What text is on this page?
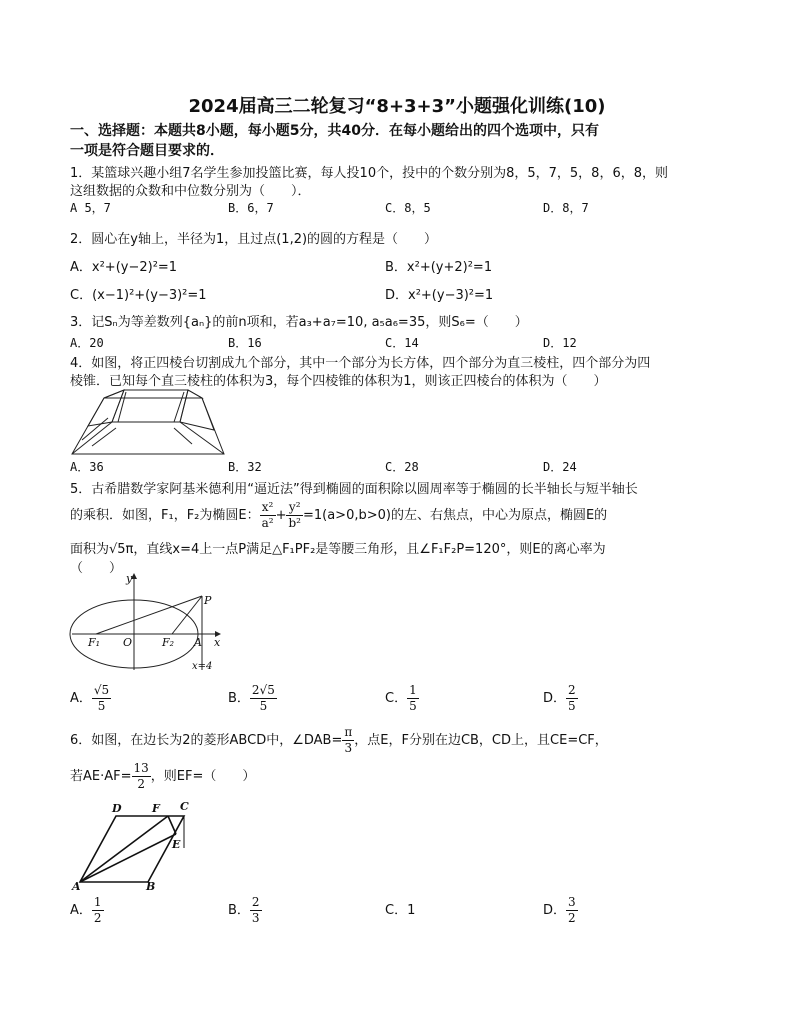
2024届高三二轮复习“8+3+3”小题强化训练(10)
一、选择题：本题共8小题，每小题5分，共40分．在每小题给出的四个选项中，只有
一项是符合题目要求的．
1．某篮球兴趣小组7名学生参加投篮比赛，每人投10个，投中的个数分别为8，5，7，5，8，6，8，则
这组数据的众数和中位数分别为（　　）．
A 5，7	B．6，7	C．8，5	D．8，7
2．圆心在y轴上，半径为1，且过点(1,2)的圆的方程是（　　）
A．x²+(y−2)²=1	B．x²+(y+2)²=1
C．(x−1)²+(y−3)²=1	D．x²+(y−3)²=1
3．记Sₙ为等差数列{aₙ}的前n项和，若a₃+a₇=10, a₅a₆=35，则S₆=（　　）
A．20	B．16	C．14	D．12
4．如图，将正四棱台切割成九个部分，其中一个部分为长方体，四个部分为直三棱柱，四个部分为四
棱锥．已知每个直三棱柱的体积为3，每个四棱锥的体积为1，则该正四棱台的体积为（　　）
A．36	B．32	C．28	D．24
5．古希腊数学家阿基米德利用“逼近法”得到椭圆的面积除以圆周率等于椭圆的长半轴长与短半轴长
的乘积．如图，F₁，F₂为椭圆E： $\frac{\text{x²}}{\text{a²}} + \frac{\text{y²}}{\text{b²}} =1(a>0,b>0)$的左、右焦点，中心为原点，椭圆E的
面积为√5π，直线x=4上一点P满足△F₁PF₂是等腰三角形，且∠F₁F₂P=120°，则E的离心率为
（　　）
y
P
F₁ O	F₂ A x
x=4
A． $\frac{√5}{5}$	B． $\frac{2√5}{5}$	C． $\frac{1}{5}$	D． $\frac{2}{5}$
6．如图，在边长为2的菱形ABCD中，∠DAB= $\frac{\pi}{3}$ ，点E，F分别在边CB，CD上，且CE=CF，
若$AE\cdot AF= \frac{13}{2}$ ，则EF=（　　）
D	F C
E
A	B
A． $\frac{1}{2}$	B． $\frac{2}{3}$	C．1	D． $\frac{3}{2}$
